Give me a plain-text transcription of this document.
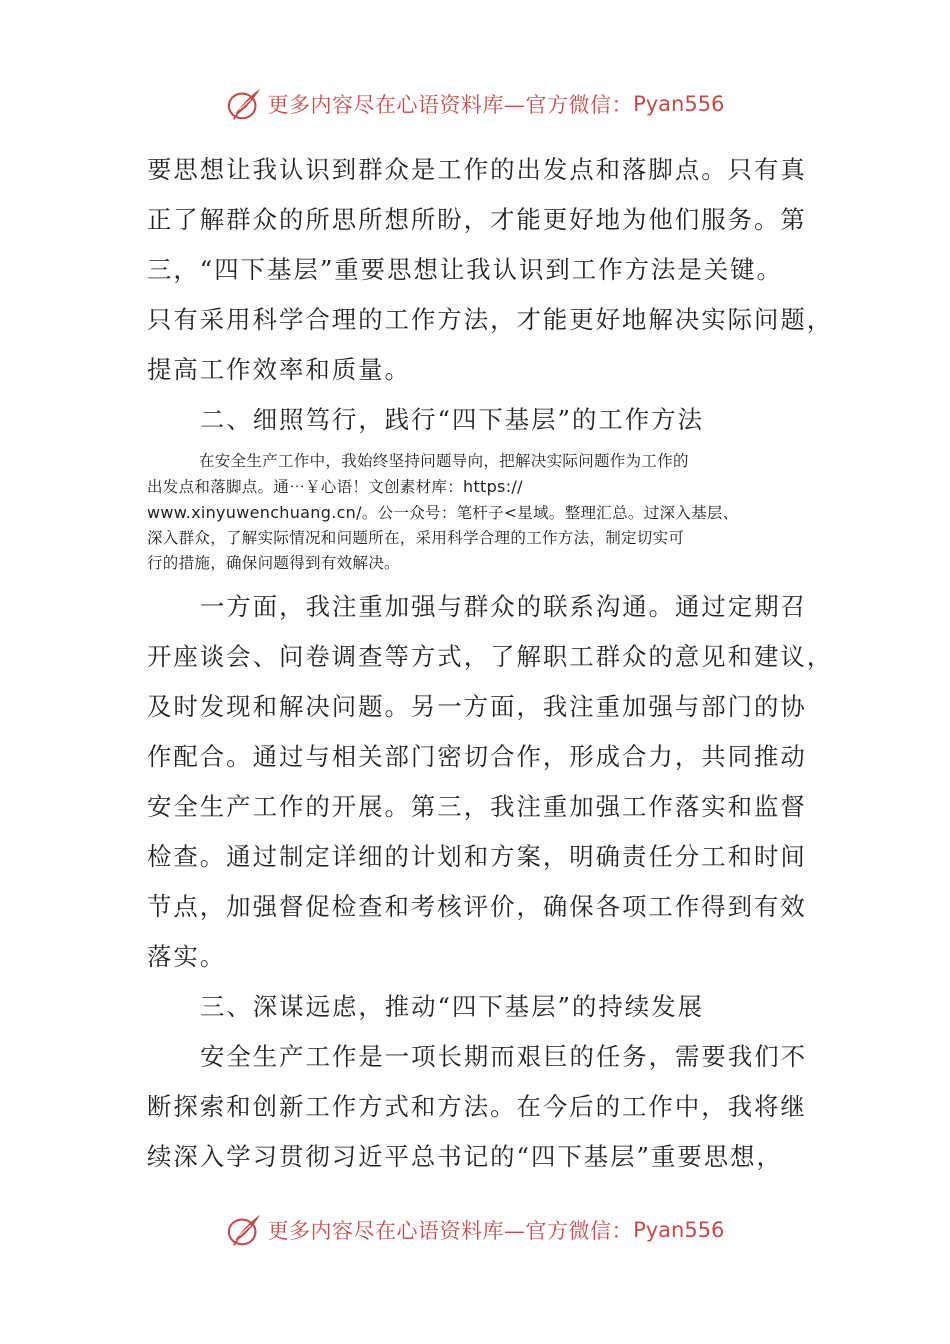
更多内容尽在心语资料库—官方微信： Pyan556

要思想让我认识到群众是工作的出发点和落脚点。只有真

正了解群众的所思所想所盼，才能更好地为他们服务。第

三，“四下基层”重要思想让我认识到工作方法是关键。

只有采用科学合理的工作方法，才能更好地解决实际问题，

提高工作效率和质量。

二、细照笃行，践行“四下基层”的工作方法

在安全生产工作中，我始终坚持问题导向，把解决实际问题作为工作的

出发点和落脚点。通⋯￥心语！文创素材库：https://

www.xinyuwenchuang.cn/。公一众号：笔杆子<星域。整理汇总。过深入基层、

深入群众，了解实际情况和问题所在，采用科学合理的工作方法，制定切实可

行的措施，确保问题得到有效解决。

一方面，我注重加强与群众的联系沟通。通过定期召

开座谈会、问卷调查等方式，了解职工群众的意见和建议，

及时发现和解决问题。另一方面，我注重加强与部门的协

作配合。通过与相关部门密切合作，形成合力，共同推动

安全生产工作的开展。第三，我注重加强工作落实和监督

检查。通过制定详细的计划和方案，明确责任分工和时间

节点，加强督促检查和考核评价，确保各项工作得到有效

落实。

三、深谋远虑，推动“四下基层”的持续发展

安全生产工作是一项长期而艰巨的任务，需要我们不

断探索和创新工作方式和方法。在今后的工作中，我将继

续深入学习贯彻习近平总书记的“四下基层”重要思想，

更多内容尽在心语资料库—官方微信： Pyan556
